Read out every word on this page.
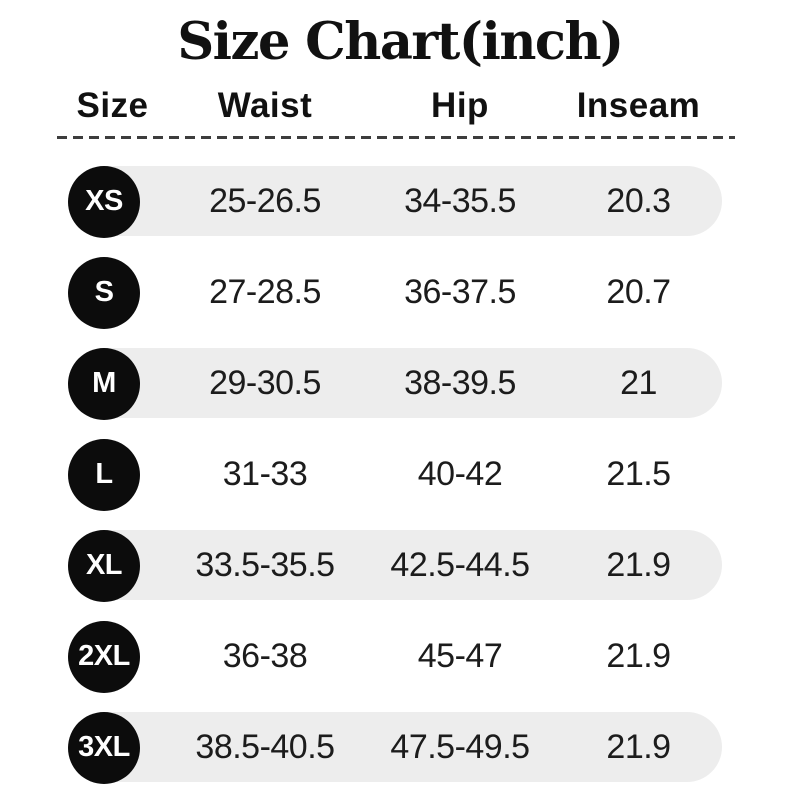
Size Chart(inch)
Size	Waist	Hip	Inseam
XS	25-26.5	34-35.5	20.3
S	27-28.5	36-37.5	20.7
M	29-30.5	38-39.5	21
L	31-33	40-42	21.5
XL	33.5-35.5	42.5-44.5	21.9
2XL	36-38	45-47	21.9
3XL	38.5-40.5	47.5-49.5	21.9
